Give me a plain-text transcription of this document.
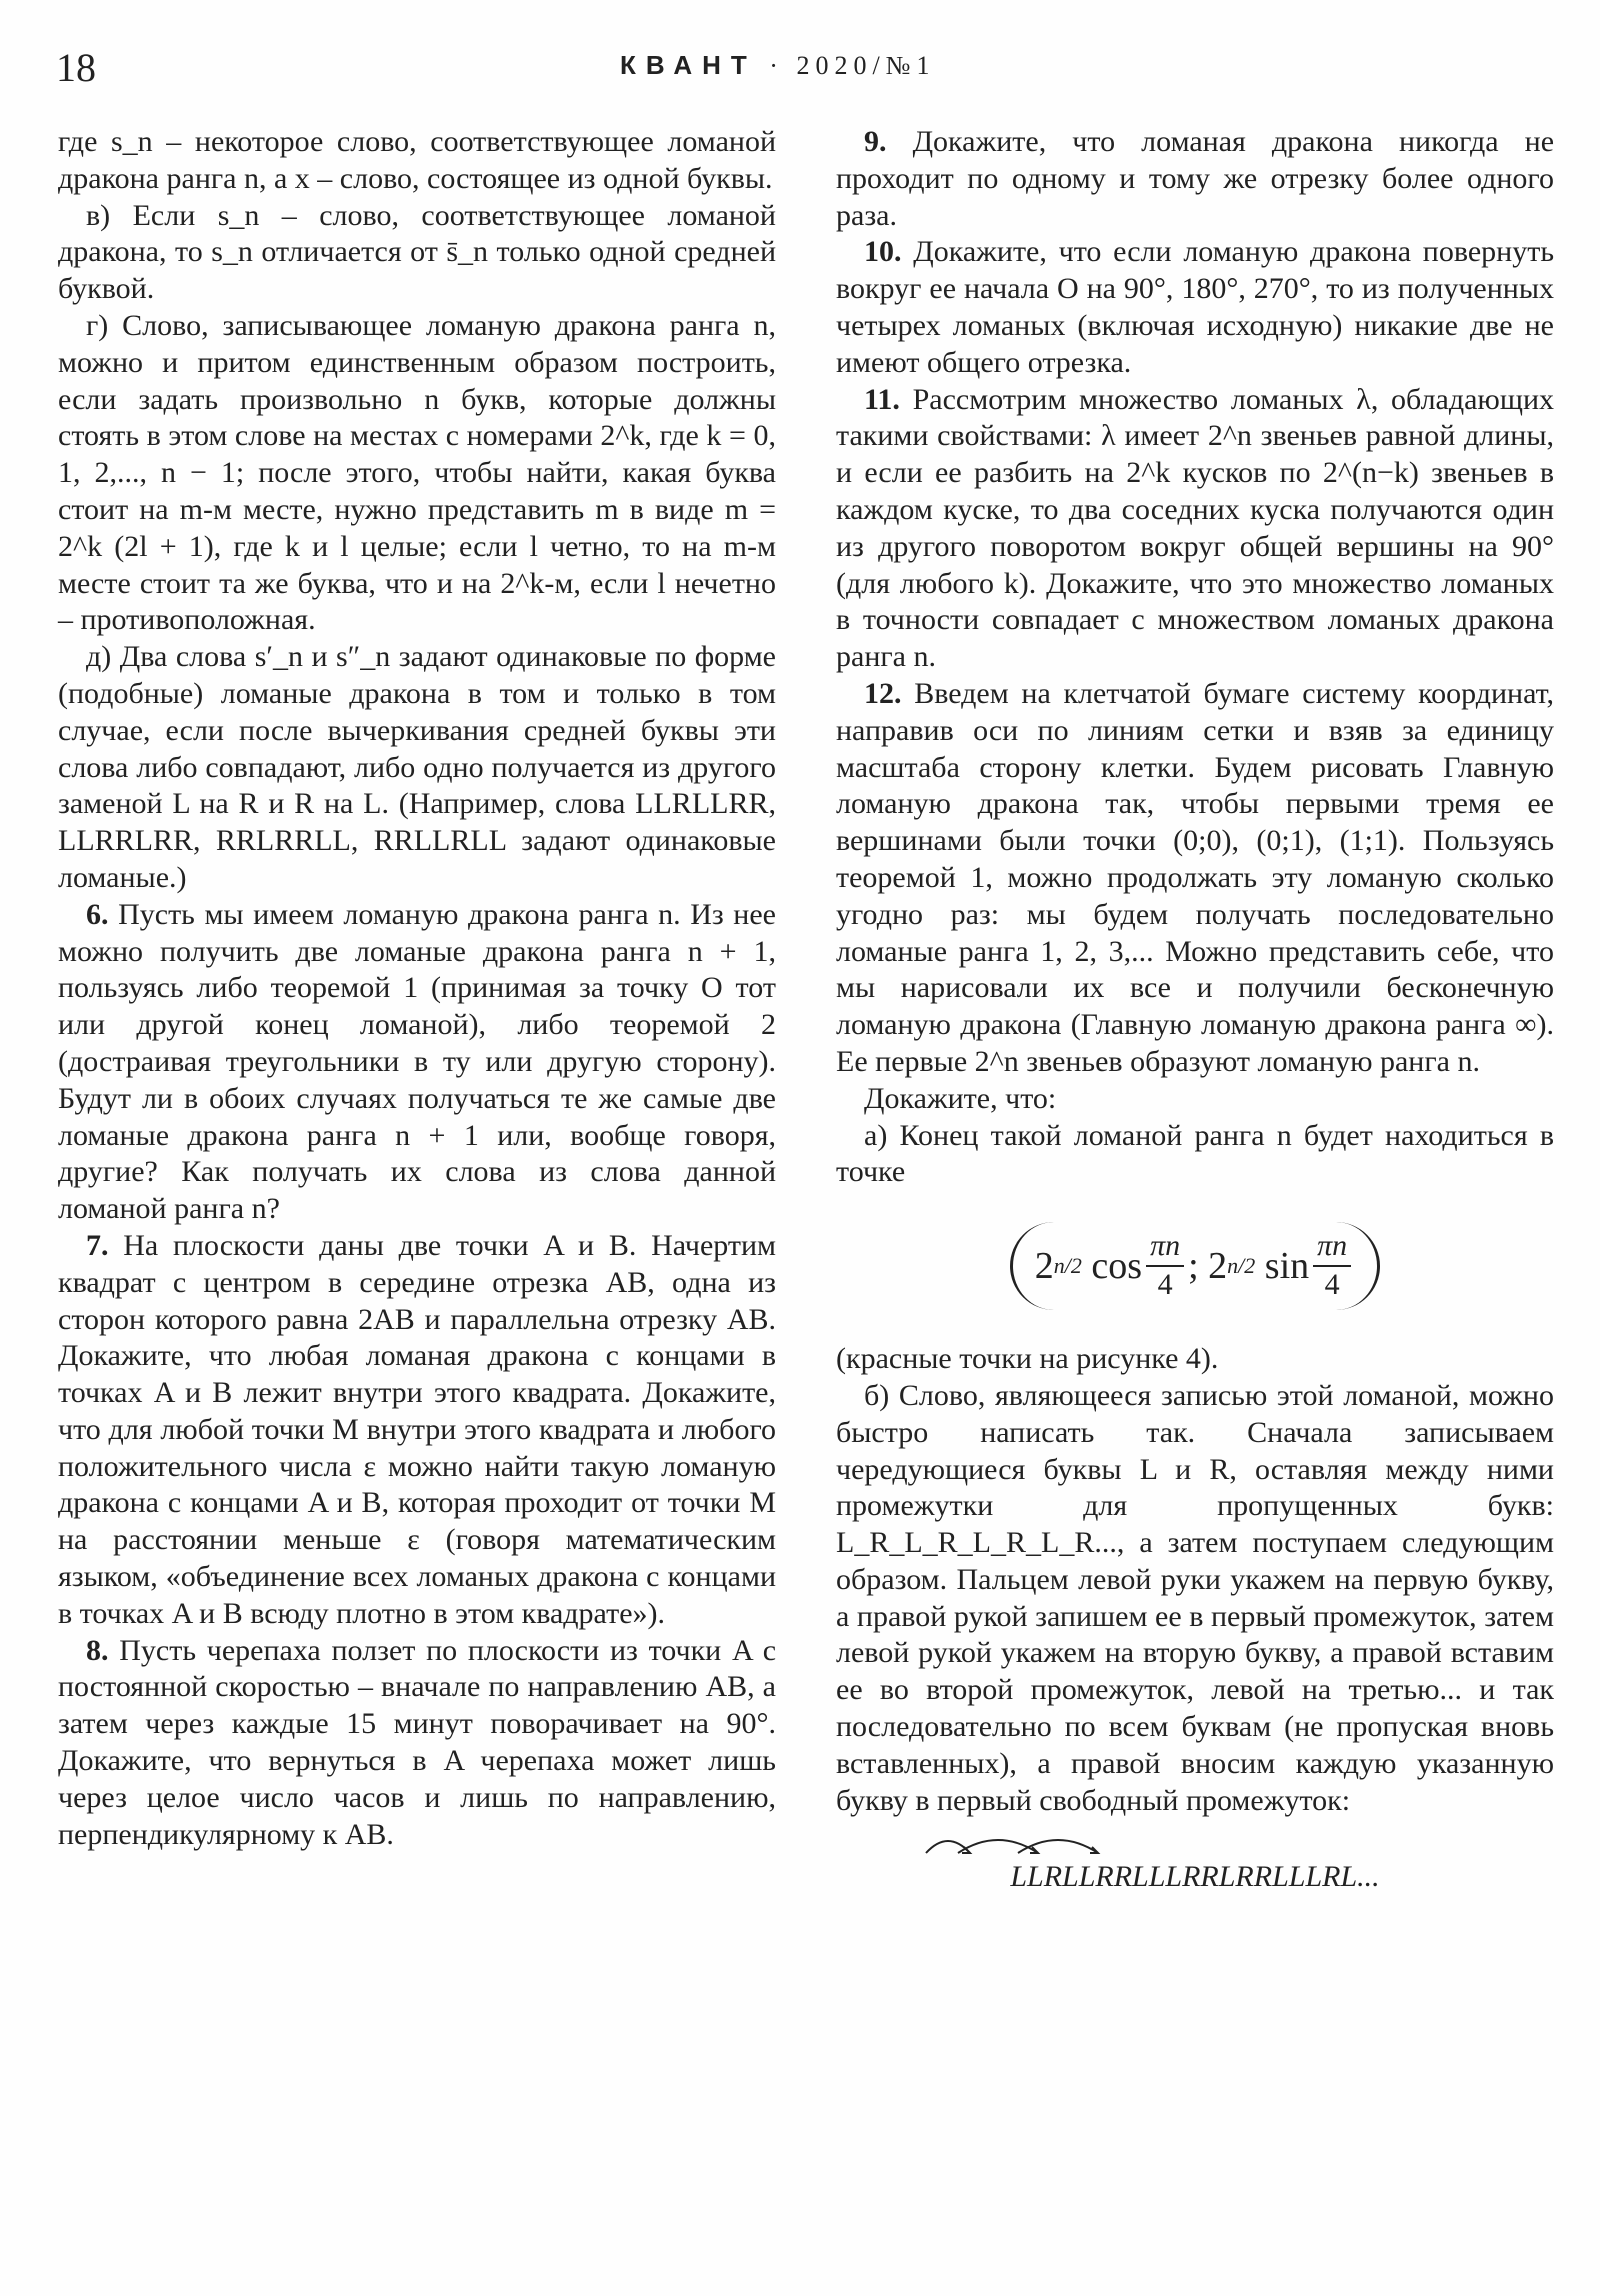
18	КВАНТ · 2020/№1

где s_n – некоторое слово, соответствующее ломаной дракона ранга n, а x – слово, состоящее из одной буквы.

в) Если s_n – слово, соответствующее ломаной дракона, то s_n отличается от s̄_n только одной средней буквой.

г) Слово, записывающее ломаную дракона ранга n, можно и притом единственным образом построить, если задать произвольно n букв, которые должны стоять в этом слове на местах с номерами 2^k, где k = 0, 1, 2,..., n − 1; после этого, чтобы найти, какая буква стоит на m-м месте, нужно представить m в виде m = 2^k (2l + 1), где k и l целые; если l четно, то на m-м месте стоит та же буква, что и на 2^k-м, если l нечетно – противоположная.

д) Два слова s′_n и s″_n задают одинаковые по форме (подобные) ломаные дракона в том и только в том случае, если после вычеркивания средней буквы эти слова либо совпадают, либо одно получается из другого заменой L на R и R на L. (Например, слова LLRLLRR, LLRRLRR, RRLRRLL, RRLLRLL задают одинаковые ломаные.)

6. Пусть мы имеем ломаную дракона ранга n. Из нее можно получить две ломаные дракона ранга n + 1, пользуясь либо теоремой 1 (принимая за точку O тот или другой конец ломаной), либо теоремой 2 (достраивая треугольники в ту или другую сторону). Будут ли в обоих случаях получаться те же самые две ломаные дракона ранга n + 1 или, вообще говоря, другие? Как получать их слова из слова данной ломаной ранга n?

7. На плоскости даны две точки A и B. Начертим квадрат с центром в середине отрезка AB, одна из сторон которого равна 2AB и параллельна отрезку AB. Докажите, что любая ломаная дракона с концами в точках A и B лежит внутри этого квадрата. Докажите, что для любой точки M внутри этого квадрата и любого положительного числа ε можно найти такую ломаную дракона с концами A и B, которая проходит от точки M на расстоянии меньше ε (говоря математическим языком, «объединение всех ломаных дракона с концами в точках A и B всюду плотно в этом квадрате»).

8. Пусть черепаха ползет по плоскости из точки A с постоянной скоростью – вначале по направлению AB, а затем через каждые 15 минут поворачивает на 90°. Докажите, что вернуться в A черепаха может лишь через целое число часов и лишь по направлению, перпендикулярному к AB.

9. Докажите, что ломаная дракона никогда не проходит по одному и тому же отрезку более одного раза.

10. Докажите, что если ломаную дракона повернуть вокруг ее начала O на 90°, 180°, 270°, то из полученных четырех ломаных (включая исходную) никакие две не имеют общего отрезка.

11. Рассмотрим множество ломаных λ, обладающих такими свойствами: λ имеет 2^n звеньев равной длины, и если ее разбить на 2^k кусков по 2^(n−k) звеньев в каждом куске, то два соседних куска получаются один из другого поворотом вокруг общей вершины на 90° (для любого k). Докажите, что это множество ломаных в точности совпадает с множеством ломаных дракона ранга n.

12. Введем на клетчатой бумаге систему координат, направив оси по линиям сетки и взяв за единицу масштаба сторону клетки. Будем рисовать Главную ломаную дракона так, чтобы первыми тремя ее вершинами были точки (0;0), (0;1), (1;1). Пользуясь теоремой 1, можно продолжать эту ломаную сколько угодно раз: мы будем получать последовательно ломаные ранга 1, 2, 3,... Можно представить себе, что мы нарисовали их все и получили бесконечную ломаную дракона (Главную ломаную дракона ранга ∞). Ее первые 2^n звеньев образуют ломаную ранга n.

Докажите, что:

а) Конец такой ломаной ранга n будет находиться в точке

2 n/2
$\cos \frac{\pi n}{4}$ ;
2 n/2
$\sin \frac{\pi n}{4}$

(красные точки на рисунке 4).

б) Слово, являющееся записью этой ломаной, можно быстро написать так. Сначала записываем чередующиеся буквы L и R, оставляя между ними промежутки для пропущенных букв: L_R_L_R_L_R_L_R..., а затем поступаем следующим образом. Пальцем левой руки укажем на первую букву, а правой рукой запишем ее в первый промежуток, затем левой рукой укажем на вторую букву, а правой вставим ее во второй промежуток, левой на третью... и так последовательно по всем буквам (не пропуская вновь вставленных), а правой вносим каждую указанную букву в первый свободный промежуток:

LLRLLRRLLLRRLRRLLLRL...
